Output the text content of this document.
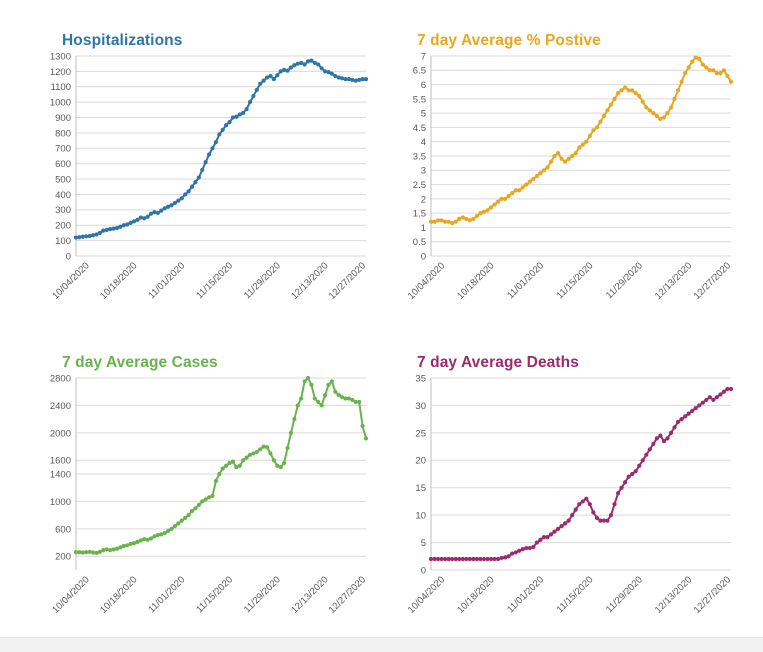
Hospitalizations
0
100
200
300
400
500
600
700
800
900
1000
1100
1200
1300
10/04/2020 10/18/2020 11/01/2020 11/15/2020 11/29/2020 12/13/2020
12/27/2020
7 day Average % Postive
0
0.5
1
1.5
2
2.5
3
3.5
4
4.5
5
5.5
6
6.5
7
10/04/2020 10/18/2020 11/01/2020 11/15/2020 11/29/2020 12/13/2020
12/27/2020
7 day Average Cases
200
600
1000
1400
1600
2000
2400
2800
10/04/2020 10/18/2020 11/01/2020 11/15/2020 11/29/2020 12/13/2020
12/27/2020
7 day Average Deaths
0
5
10
15
20
25
30
35
10/04/2020 10/18/2020 11/01/2020 11/15/2020 11/29/2020 12/13/2020
12/27/2020
